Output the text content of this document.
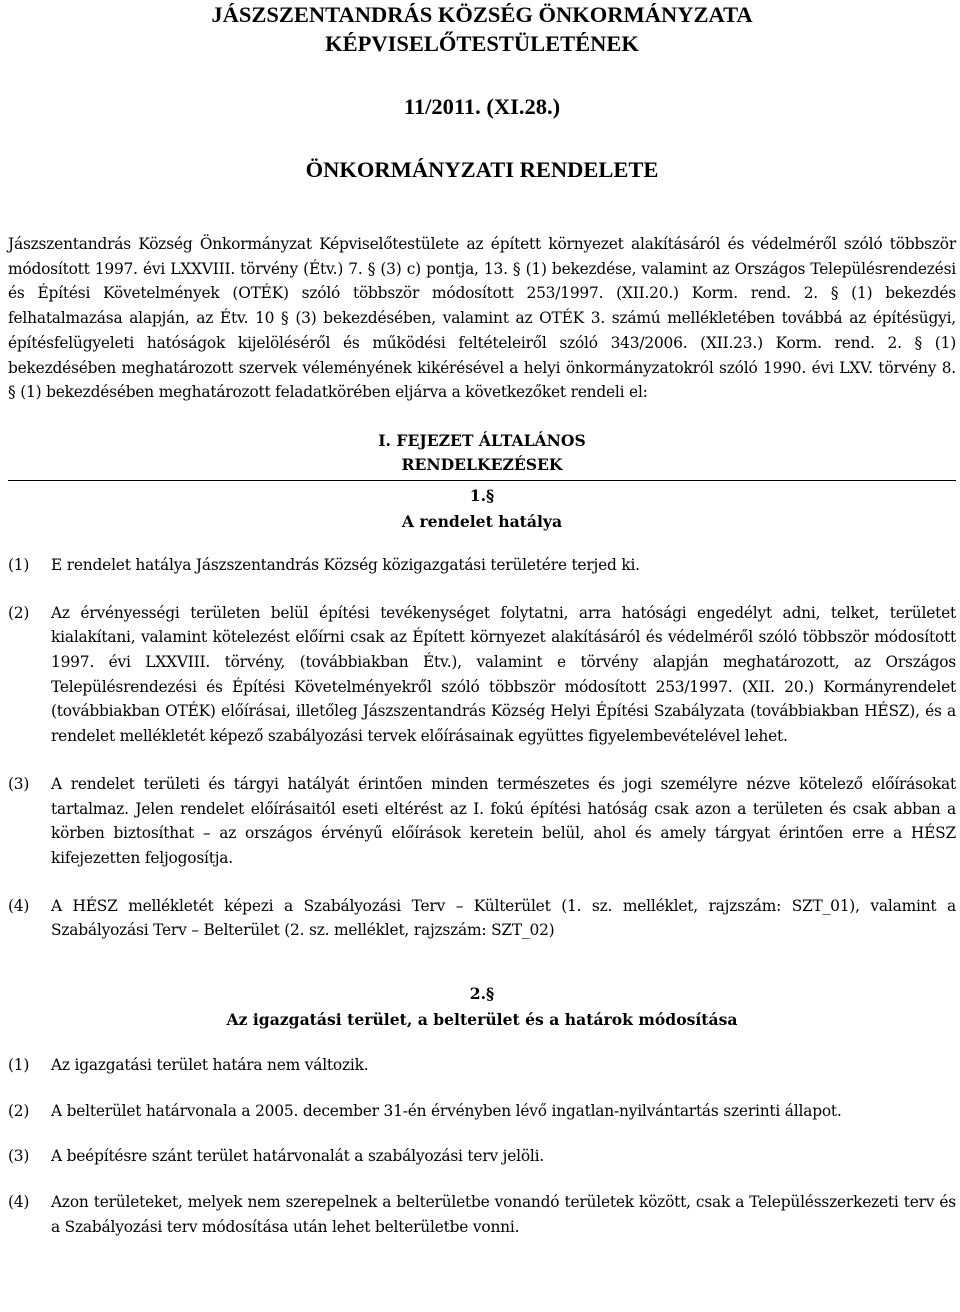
JÁSZSZENTANDRÁS KÖZSÉG ÖNKORMÁNYZATA
KÉPVISELŐTESTÜLETÉNEK
11/2011. (XI.28.)
ÖNKORMÁNYZATI RENDELETE

Jászszentandrás Község Önkormányzat Képviselőtestülete az épített környezet alakításáról és védelméről szóló többször módosított 1997. évi LXXVIII. törvény (Étv.) 7. § (3) c) pontja, 13. § (1) bekezdése, valamint az Országos Településrendezési és Építési Követelmények (OTÉK) szóló többször módosított 253/1997. (XII.20.) Korm. rend. 2. § (1) bekezdés felhatalmazása alapján, az Étv. 10 § (3) bekezdésében, valamint az OTÉK 3. számú mellékletében továbbá az építésügyi, építésfelügyeleti hatóságok kijelöléséről és működési feltételeiről szóló 343/2006. (XII.23.) Korm. rend. 2. § (1) bekezdésében meghatározott szervek véleményének kikérésével a helyi önkormányzatokról szóló 1990. évi LXV. törvény 8. § (1) bekezdésében meghatározott feladatkörében eljárva a következőket rendeli el:

I. FEJEZET ÁLTALÁNOS
RENDELKEZÉSEK
1.§
A rendelet hatálya
(1)	E rendelet hatálya Jászszentandrás Község közigazgatási területére terjed ki.
(2)	Az érvényességi területen belül építési tevékenységet folytatni, arra hatósági engedélyt adni, telket, területet kialakítani, valamint kötelezést előírni csak az Épített környezet alakításáról és védelméről szóló többször módosított 1997. évi LXXVIII. törvény, (továbbiakban Étv.), valamint e törvény alapján meghatározott, az Országos Településrendezési és Építési Követelményekről szóló többször módosított 253/1997. (XII. 20.) Kormányrendelet (továbbiakban OTÉK) előírásai, illetőleg Jászszentandrás Község Helyi Építési Szabályzata (továbbiakban HÉSZ), és a rendelet mellékletét képező szabályozási tervek előírásainak együttes figyelembevételével lehet.
(3)	A rendelet területi és tárgyi hatályát érintően minden természetes és jogi személyre nézve kötelező előírásokat tartalmaz. Jelen rendelet előírásaitól eseti eltérést az I. fokú építési hatóság csak azon a területen és csak abban a körben biztosíthat – az országos érvényű előírások keretein belül, ahol és amely tárgyat érintően erre a HÉSZ kifejezetten feljogosítja.
(4)	A HÉSZ mellékletét képezi a Szabályozási Terv – Külterület (1. sz. melléklet, rajzszám: SZT_01), valamint a Szabályozási Terv – Belterület (2. sz. melléklet, rajzszám: SZT_02)
2.§
Az igazgatási terület, a belterület és a határok módosítása
(1)	Az igazgatási terület határa nem változik.
(2)	A belterület határvonala a 2005. december 31-én érvényben lévő ingatlan-nyilvántartás szerinti állapot.
(3)	A beépítésre szánt terület határvonalát a szabályozási terv jelöli.
(4)	Azon területeket, melyek nem szerepelnek a belterületbe vonandó területek között, csak a Településszerkezeti terv és a Szabályozási terv módosítása után lehet belterületbe vonni.
